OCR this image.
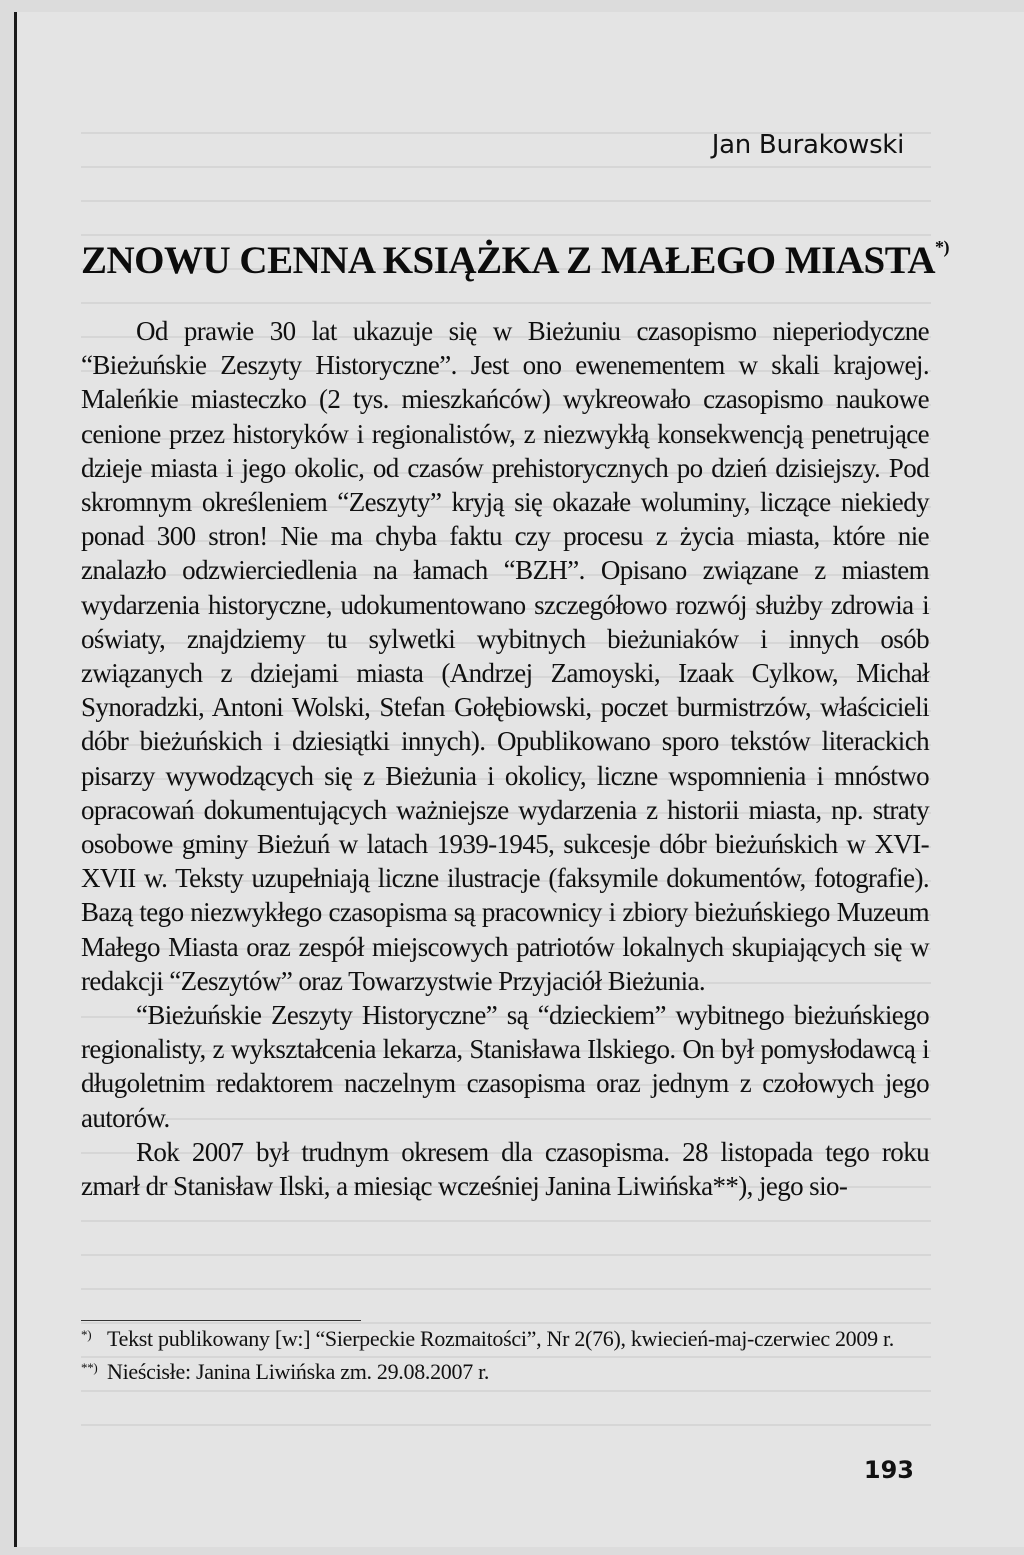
Jan Burakowski
ZNOWU CENNA KSIĄŻKA Z MAŁEGO MIASTA*)

Od prawie 30 lat ukazuje się w Bieżuniu czasopismo nieperiodyczne “Bieżuńskie Zeszyty Historyczne”. Jest ono ewenementem w skali krajowej. Maleńkie miasteczko (2 tys. mieszkańców) wykreowało czasopismo naukowe cenione przez historyków i regionalistów, z niezwykłą konsekwencją penetrujące dzieje miasta i jego okolic, od czasów prehistorycznych po dzień dzisiejszy. Pod skromnym określeniem “Zeszyty” kryją się okazałe woluminy, liczące niekiedy ponad 300 stron! Nie ma chyba faktu czy procesu z życia miasta, które nie znalazło odzwierciedlenia na łamach “BZH”. Opisano związane z miastem wydarzenia historyczne, udokumentowano szczegółowo rozwój służby zdrowia i oświaty, znajdziemy tu sylwetki wybitnych bieżuniaków i innych osób związanych z dziejami miasta (Andrzej Zamoyski, Izaak Cylkow, Michał Synoradzki, Antoni Wolski, Stefan Gołębiowski, poczet burmistrzów, właścicieli dóbr bieżuńskich i dziesiątki innych). Opublikowano sporo tekstów literackich pisarzy wywodzących się z Bieżunia i okolicy, liczne wspomnienia i mnóstwo opracowań dokumentujących ważniejsze wydarzenia z historii miasta, np. straty osobowe gminy Bieżuń w latach 1939-1945, sukcesje dóbr bieżuńskich w XVI-XVII w. Teksty uzupełniają liczne ilustracje (faksymile dokumentów, fotografie). Bazą tego niezwykłego czasopisma są pracownicy i zbiory bieżuńskiego Muzeum Małego Miasta oraz zespół miejscowych patriotów lokalnych skupiających się w redakcji “Zeszytów” oraz Towarzystwie Przyjaciół Bieżunia.

“Bieżuńskie Zeszyty Historyczne” są “dzieckiem” wybitnego bieżuńskiego regionalisty, z wykształcenia lekarza, Stanisława Ilskiego. On był pomysłodawcą i długoletnim redaktorem naczelnym czasopisma oraz jednym z czołowych jego autorów.

Rok 2007 był trudnym okresem dla czasopisma. 28 listopada tego roku zmarł dr Stanisław Ilski, a miesiąc wcześniej Janina Liwińska**), jego sio-

*) Tekst publikowany [w:] “Sierpeckie Rozmaitości”, Nr 2(76), kwiecień-maj-czerwiec 2009 r.

**) Nieścisłe: Janina Liwińska zm. 29.08.2007 r.

193
